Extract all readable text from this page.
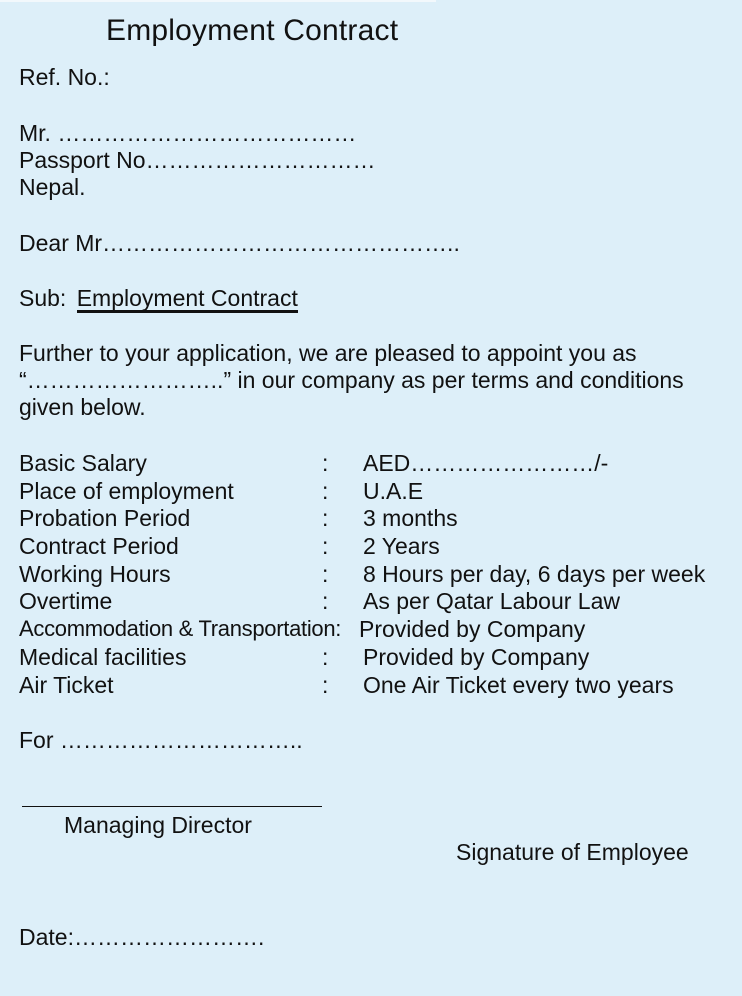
Employment Contract
Ref. No.:
Mr. …………………………………
Passport No…………………………
Nepal.
Dear Mr………………………………………..
Sub: Employment Contract
Further to your application, we are pleased to appoint you as “……………………..” in our company as per terms and conditions given below.
Basic Salary	: AED……………………/-
Place of employment	: U.A.E
Probation Period	: 3 months
Contract Period	: 2 Years
Working Hours	: 8 Hours per day, 6 days per week
Overtime	: As per Qatar Labour Law
Accommodation & Transportation: Provided by Company
Medical facilities	: Provided by Company
Air Ticket	: One Air Ticket every two years
For …………………………..
Managing Director
Signature of Employee
Date:…………………….
